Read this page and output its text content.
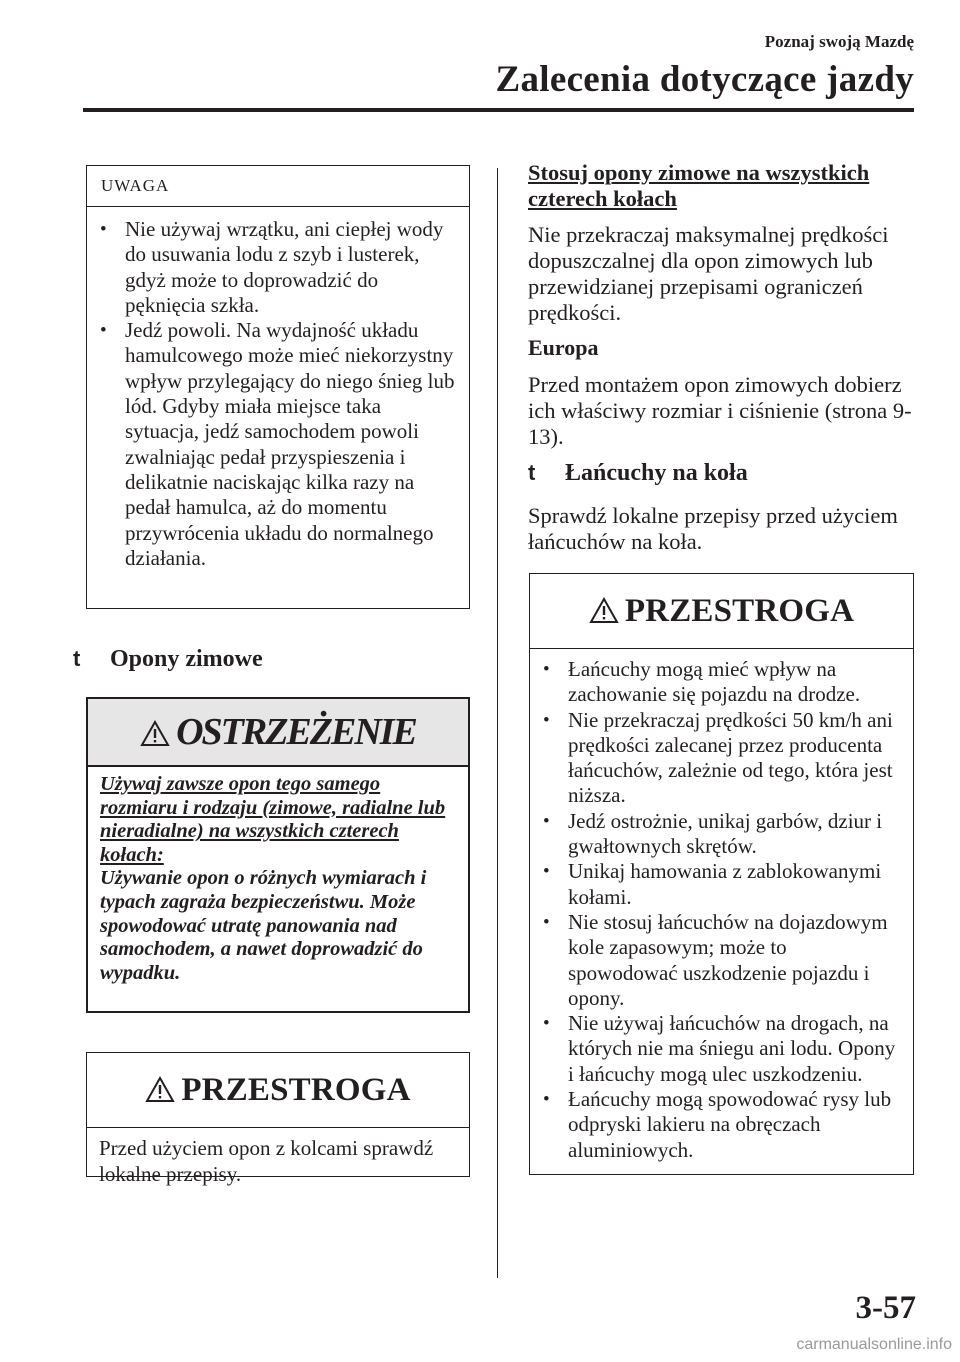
Poznaj swoją Mazdę
Zalecenia dotyczące jazdy
UWAGA
• Nie używaj wrzątku, ani ciepłej wody do usuwania lodu z szyb i lusterek, gdyż może to doprowadzić do pęknięcia szkła.
• Jedź powoli. Na wydajność układu hamulcowego może mieć niekorzystny wpływ przylegający do niego śnieg lub lód. Gdyby miała miejsce taka sytuacja, jedź samochodem powoli zwalniając pedał przyspieszenia i delikatnie naciskając kilka razy na pedał hamulca, aż do momentu przywrócenia układu do normalnego działania.
t Opony zimowe
OSTRZEŻENIE
Używaj zawsze opon tego samego rozmiaru i rodzaju (zimowe, radialne lub nieradialne) na wszystkich czterech kołach:
Używanie opon o różnych wymiarach i typach zagraża bezpieczeństwu. Może spowodować utratę panowania nad samochodem, a nawet doprowadzić do wypadku.
PRZESTROGA
Przed użyciem opon z kolcami sprawdź lokalne przepisy.
Stosuj opony zimowe na wszystkich czterech kołach
Nie przekraczaj maksymalnej prędkości dopuszczalnej dla opon zimowych lub przewidzianej przepisami ograniczeń prędkości.
Europa
Przed montażem opon zimowych dobierz ich właściwy rozmiar i ciśnienie (strona 9-13).
t Łańcuchy na koła
Sprawdź lokalne przepisy przed użyciem łańcuchów na koła.
PRZESTROGA
• Łańcuchy mogą mieć wpływ na zachowanie się pojazdu na drodze.
• Nie przekraczaj prędkości 50 km/h ani prędkości zalecanej przez producenta łańcuchów, zależnie od tego, która jest niższa.
• Jedź ostrożnie, unikaj garbów, dziur i gwałtownych skrętów.
• Unikaj hamowania z zablokowanymi kołami.
• Nie stosuj łańcuchów na dojazdowym kole zapasowym; może to spowodować uszkodzenie pojazdu i opony.
• Nie używaj łańcuchów na drogach, na których nie ma śniegu ani lodu. Opony i łańcuchy mogą ulec uszkodzeniu.
• Łańcuchy mogą spowodować rysy lub odpryski lakieru na obręczach aluminiowych.
3-57
carmanualsonline.info
